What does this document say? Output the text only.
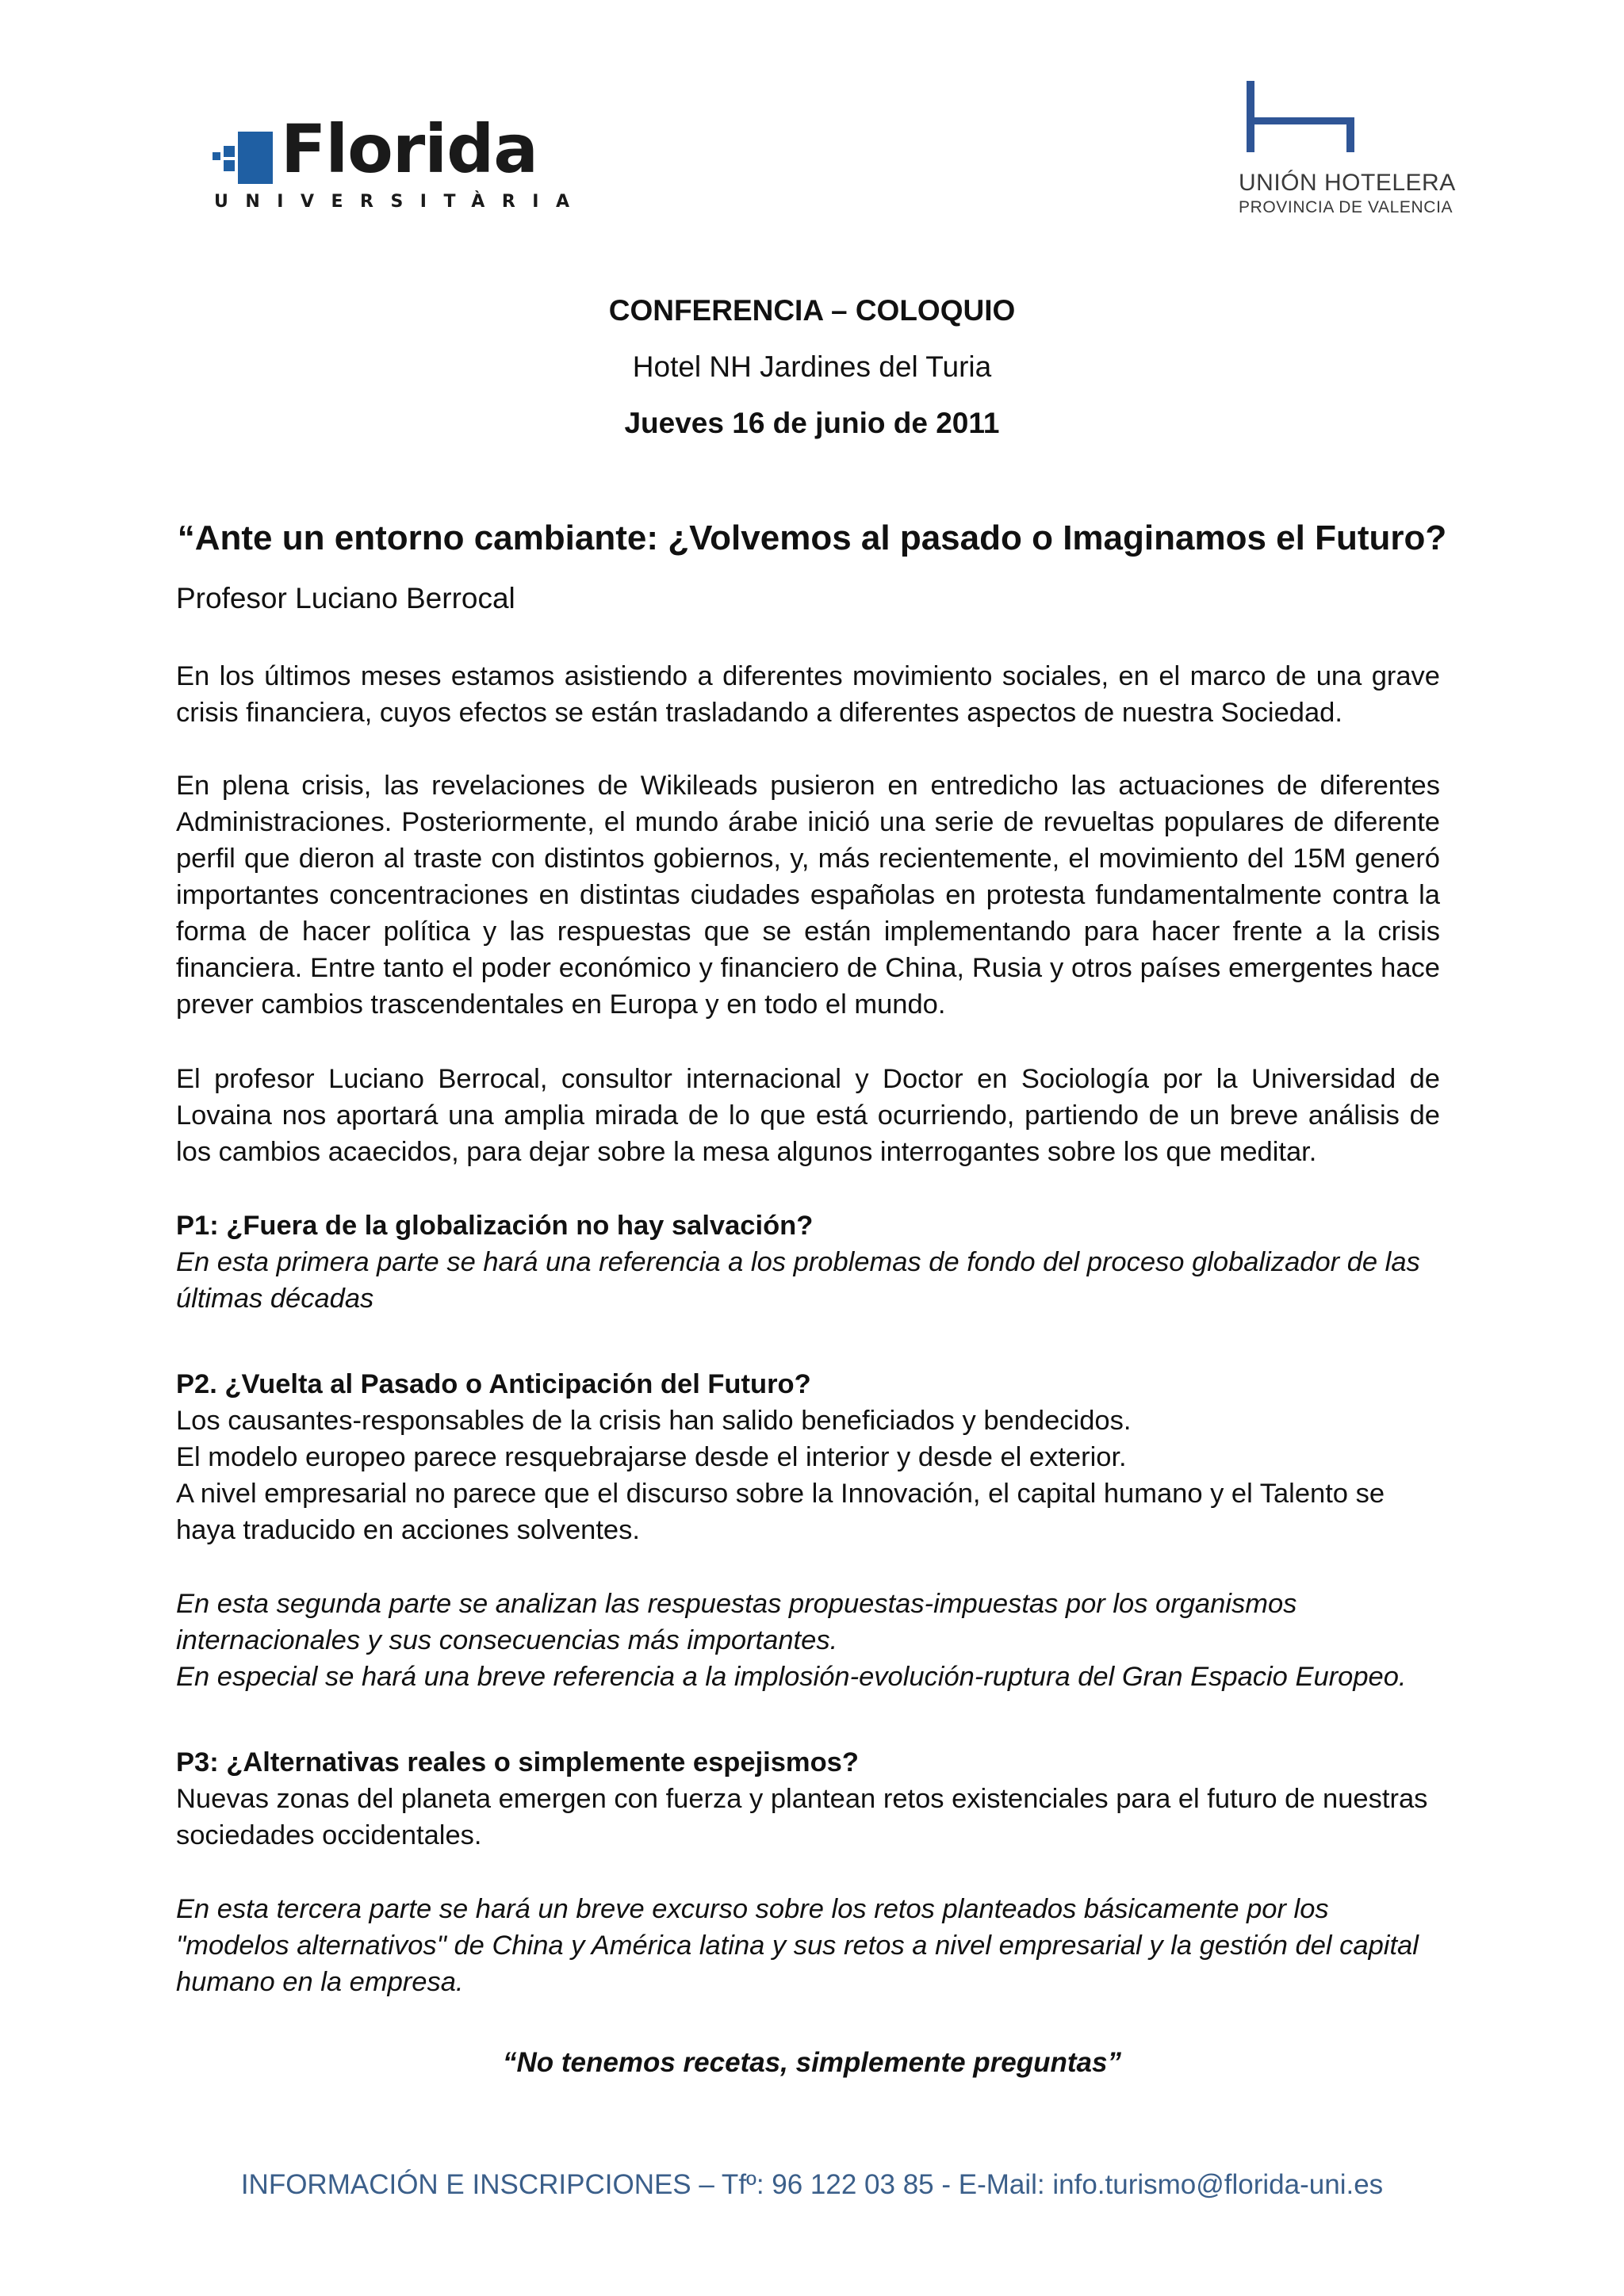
Florida
UNIVERSITÀRIA
UNIÓN HOTELERA
PROVINCIA DE VALENCIA
CONFERENCIA – COLOQUIO
Hotel NH Jardines del Turia
Jueves 16 de junio de 2011
“Ante un entorno cambiante: ¿Volvemos al pasado o Imaginamos el Futuro?
Profesor Luciano Berrocal

En los últimos meses estamos asistiendo a diferentes movimiento sociales, en el marco de una grave crisis financiera, cuyos efectos se están trasladando a diferentes aspectos de nuestra Sociedad.

En plena crisis, las revelaciones de Wikileads pusieron en entredicho las actuaciones de diferentes Administraciones. Posteriormente, el mundo árabe inició una serie de revueltas populares de diferente perfil que dieron al traste con distintos gobiernos, y, más recientemente, el movimiento del 15M generó importantes concentraciones en distintas ciudades españolas en protesta fundamentalmente contra la forma de hacer política y las respuestas que se están implementando para hacer frente a la crisis financiera. Entre tanto el poder económico y financiero de China, Rusia y otros países emergentes hace prever cambios trascendentales en Europa y en todo el mundo.

El profesor Luciano Berrocal, consultor internacional y Doctor en Sociología por la Universidad de Lovaina nos aportará una amplia mirada de lo que está ocurriendo, partiendo de un breve análisis de los cambios acaecidos, para dejar sobre la mesa algunos interrogantes sobre los que meditar.

P1: ¿Fuera de la globalización no hay salvación?
En esta primera parte se hará una referencia a los problemas de fondo del proceso globalizador de las
últimas décadas
P2. ¿Vuelta al Pasado o Anticipación del Futuro?
Los causantes-responsables de la crisis han salido beneficiados y bendecidos.
El modelo europeo parece resquebrajarse desde el interior y desde el exterior.
A nivel empresarial no parece que el discurso sobre la Innovación, el capital humano y el Talento se
haya traducido en acciones solventes.
En esta segunda parte se analizan las respuestas propuestas-impuestas por los organismos
internacionales y sus consecuencias más importantes.
En especial se hará una breve referencia a la implosión-evolución-ruptura del Gran Espacio Europeo.
P3: ¿Alternativas reales o simplemente espejismos?
Nuevas zonas del planeta emergen con fuerza y plantean retos existenciales para el futuro de nuestras
sociedades occidentales.
En esta tercera parte se hará un breve excurso sobre los retos planteados básicamente por los
"modelos alternativos" de China y América latina y sus retos a nivel empresarial y la gestión del capital
humano en la empresa.
“No tenemos recetas, simplemente preguntas”
INFORMACIÓN E INSCRIPCIONES – Tfº: 96 122 03 85 - E-Mail: info.turismo@florida-uni.es
